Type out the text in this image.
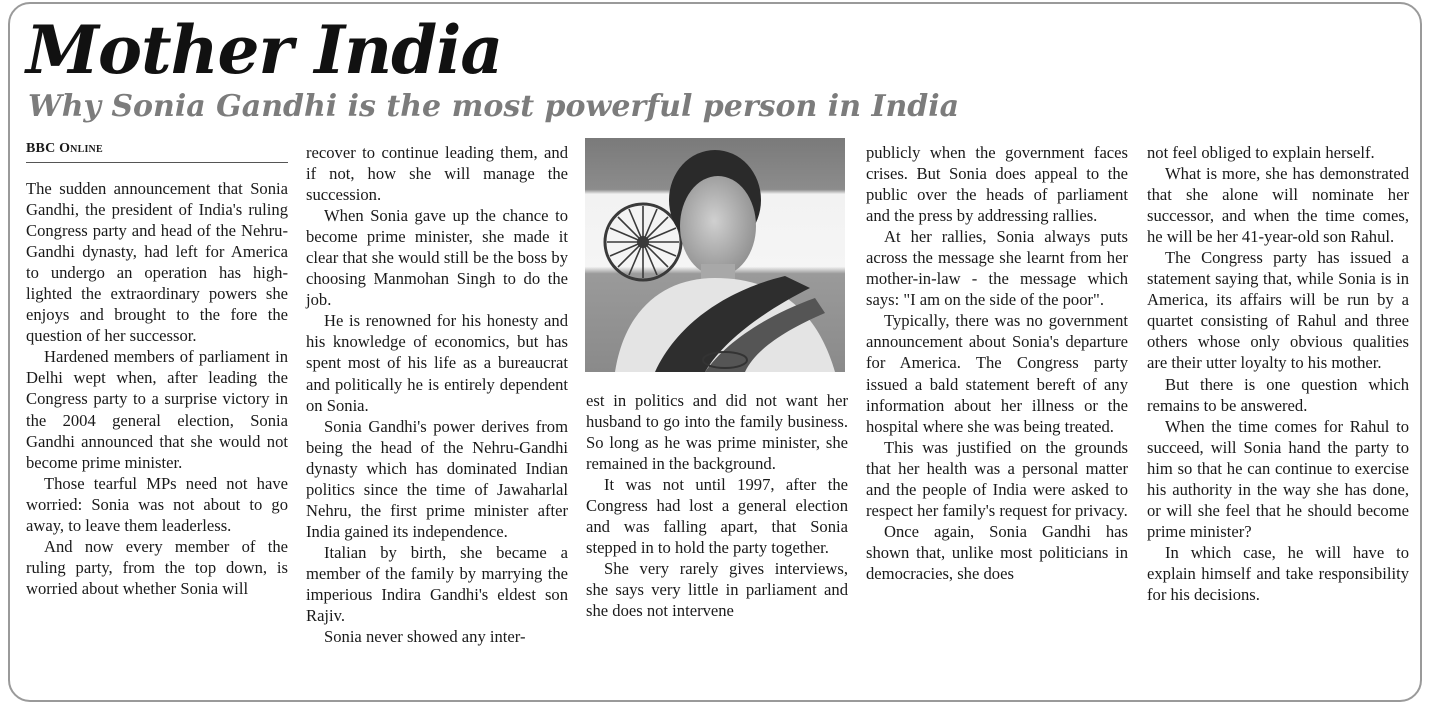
Mother India
Why Sonia Gandhi is the most powerful person in India
BBC Online

The sudden announcement that Sonia Gandhi, the president of India's ruling Congress party and head of the Nehru-Gandhi dynasty, had left for America to undergo an operation has highlighted the extraordinary powers she enjoys and brought to the fore the question of her successor.

Hardened members of parliament in Delhi wept when, after leading the Congress party to a surprise victory in the 2004 general election, Sonia Gandhi announced that she would not become prime minister.

Those tearful MPs need not have worried: Sonia was not about to go away, to leave them leaderless.

And now every member of the ruling party, from the top down, is worried about whether Sonia will

recover to continue leading them, and if not, how she will manage the succession.

When Sonia gave up the chance to become prime minister, she made it clear that she would still be the boss by choosing Manmohan Singh to do the job.

He is renowned for his honesty and his knowledge of economics, but has spent most of his life as a bureaucrat and politically he is entirely dependent on Sonia.

Sonia Gandhi's power derives from being the head of the Nehru-Gandhi dynasty which has dominated Indian politics since the time of Jawaharlal Nehru, the first prime minister after India gained its independence.

Italian by birth, she became a member of the family by marrying the imperious Indira Gandhi's eldest son Rajiv.

Sonia never showed any inter-

est in politics and did not want her husband to go into the family business. So long as he was prime minister, she remained in the background.

It was not until 1997, after the Congress had lost a general election and was falling apart, that Sonia stepped in to hold the party together.

She very rarely gives interviews, she says very little in parliament and she does not intervene

publicly when the government faces crises. But Sonia does appeal to the public over the heads of parliament and the press by addressing rallies.

At her rallies, Sonia always puts across the message she learnt from her mother-in-law - the message which says: "I am on the side of the poor".

Typically, there was no government announcement about Sonia's departure for America. The Congress party issued a bald statement bereft of any information about her illness or the hospital where she was being treated.

This was justified on the grounds that her health was a personal matter and the people of India were asked to respect her family's request for privacy.

Once again, Sonia Gandhi has shown that, unlike most politicians in democracies, she does

not feel obliged to explain herself.

What is more, she has demonstrated that she alone will nominate her successor, and when the time comes, he will be her 41-year-old son Rahul.

The Congress party has issued a statement saying that, while Sonia is in America, its affairs will be run by a quartet consisting of Rahul and three others whose only obvious qualities are their utter loyalty to his mother.

But there is one question which remains to be answered.

When the time comes for Rahul to succeed, will Sonia hand the party to him so that he can continue to exercise his authority in the way she has done, or will she feel that he should become prime minister?

In which case, he will have to explain himself and take responsibility for his decisions.
